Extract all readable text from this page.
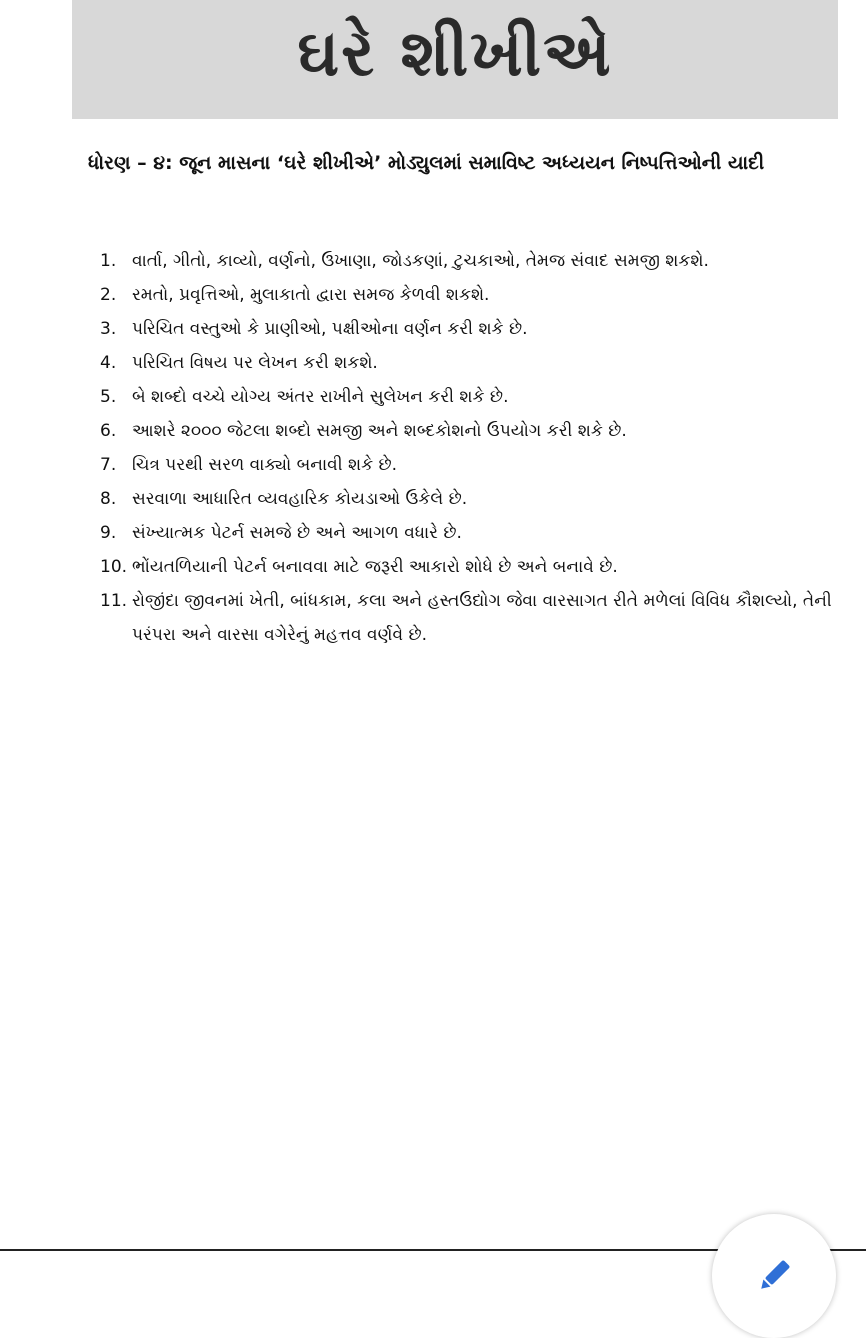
ઘરે શીખીએ
ધોરણ – ૪: જૂન માસના ‘ઘરે શીખીએ’ મોડ્યુલમાં સમાવિષ્ટ અધ્યયન નિષ્પત્તિઓની યાદી
1. વાર્તા, ગીતો, કાવ્યો, વર્ણનો, ઉખાણા, જોડકણાં, ટુચકાઓ, તેમજ સંવાદ સમજી શકશે.
2. રમતો, પ્રવૃત્તિઓ, મુલાકાતો દ્વારા સમજ કેળવી શકશે.
3. પરિચિત વસ્તુઓ કે પ્રાણીઓ, પક્ષીઓના વર્ણન કરી શકે છે.
4. પરિચિત વિષય પર લેખન કરી શકશે.
5. બે શબ્દો વચ્ચે યોગ્ય અંતર રાખીને સુલેખન કરી શકે છે.
6. આશરે ૨૦૦૦ જેટલા શબ્દો સમજી અને શબ્દકોશનો ઉપયોગ કરી શકે છે.
7. ચિત્ર પરથી સરળ વાક્યો બનાવી શકે છે.
8. સરવાળા આધારિત વ્યવહારિક કોયડાઓ ઉકેલે છે.
9. સંખ્યાત્મક પેટર્ન સમજે છે અને આગળ વધારે છે.
10. ભોંયતળિયાની પેટર્ન બનાવવા માટે જરૂરી આકારો શોધે છે અને બનાવે છે.
11. રોજીંદા જીવનમાં ખેતી, બાંધકામ, કલા અને હસ્તઉદ્યોગ જેવા વારસાગત રીતે મળેલાં વિવિધ કૌશલ્યો, તેની પરંપરા અને વારસા વગેરેનું મહત્તવ વર્ણવે છે.
